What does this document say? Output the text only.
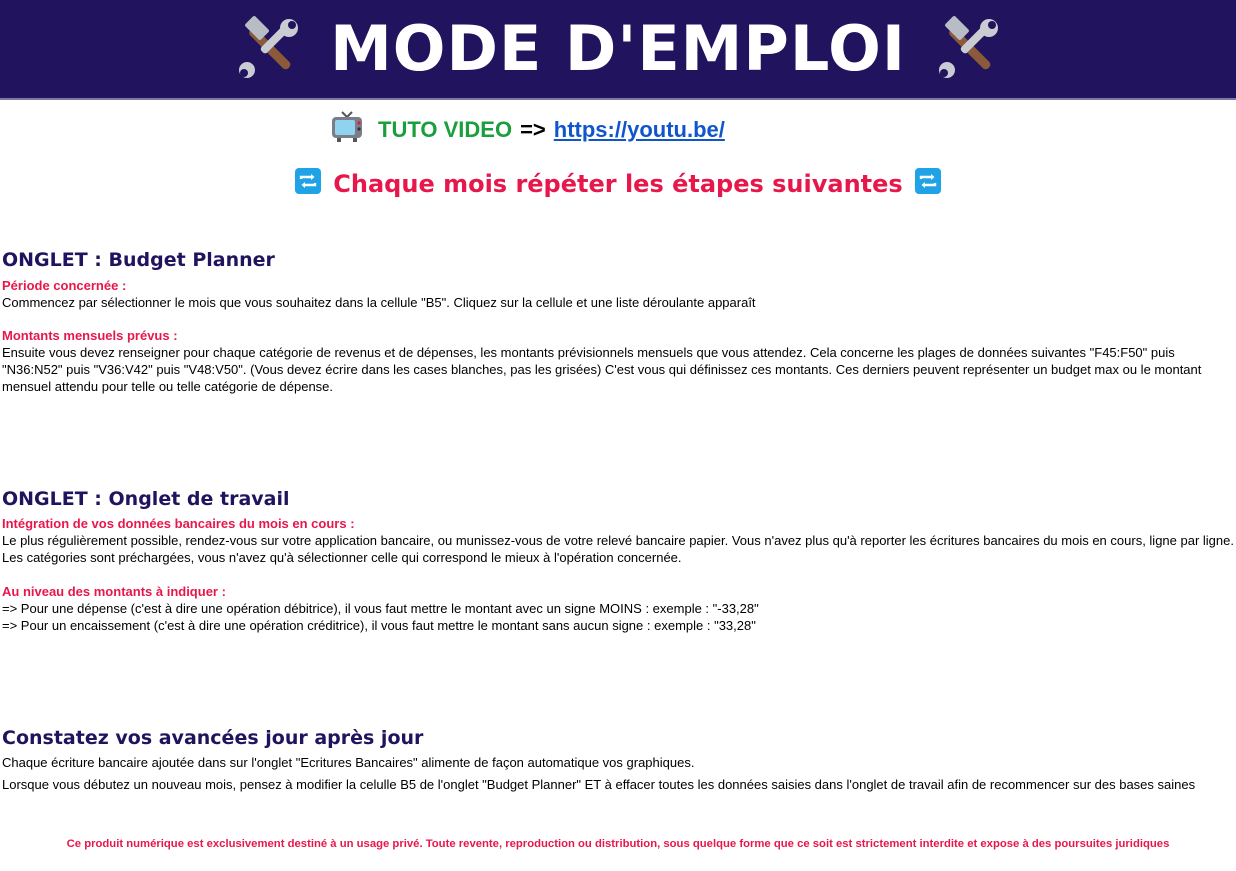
MODE D'EMPLOI
TUTO VIDEO => https://youtu.be/
Chaque mois répéter les étapes suivantes
ONGLET : Budget Planner
Période concernée :
Commencez par sélectionner le mois que vous souhaitez dans la cellule "B5". Cliquez sur la cellule et une liste déroulante apparaît
Montants mensuels prévus :
Ensuite vous devez renseigner pour chaque catégorie de revenus et de dépenses, les montants prévisionnels mensuels que vous attendez. Cela concerne les plages de données suivantes "F45:F50" puis "N36:N52" puis "V36:V42" puis "V48:V50". (Vous devez écrire dans les cases blanches, pas les grisées) C'est vous qui définissez ces montants. Ces derniers peuvent représenter un budget max ou le montant mensuel attendu pour telle ou telle catégorie de dépense.
ONGLET : Onglet de travail
Intégration de vos données bancaires du mois en cours :
Le plus régulièrement possible, rendez-vous sur votre application bancaire, ou munissez-vous de votre relevé bancaire papier. Vous n'avez plus qu'à reporter les écritures bancaires du mois en cours, ligne par ligne. Les catégories sont préchargées, vous n'avez qu'à sélectionner celle qui correspond le mieux à l'opération concernée.
Au niveau des montants à indiquer :
=> Pour une dépense (c'est à dire une opération débitrice), il vous faut mettre le montant avec un signe MOINS : exemple : "-33,28"
=> Pour un encaissement (c'est à dire une opération créditrice), il vous faut mettre le montant sans aucun signe : exemple : "33,28"
Constatez vos avancées jour après jour
Chaque écriture bancaire ajoutée dans sur l'onglet "Ecritures Bancaires" alimente de façon automatique vos graphiques.
Lorsque vous débutez un nouveau mois, pensez à modifier la celulle B5 de l'onglet "Budget Planner" ET à effacer toutes les données saisies dans l'onglet de travail afin de recommencer sur des bases saines
Ce produit numérique est exclusivement destiné à un usage privé. Toute revente, reproduction ou distribution, sous quelque forme que ce soit est strictement interdite et expose à des poursuites juridiques
